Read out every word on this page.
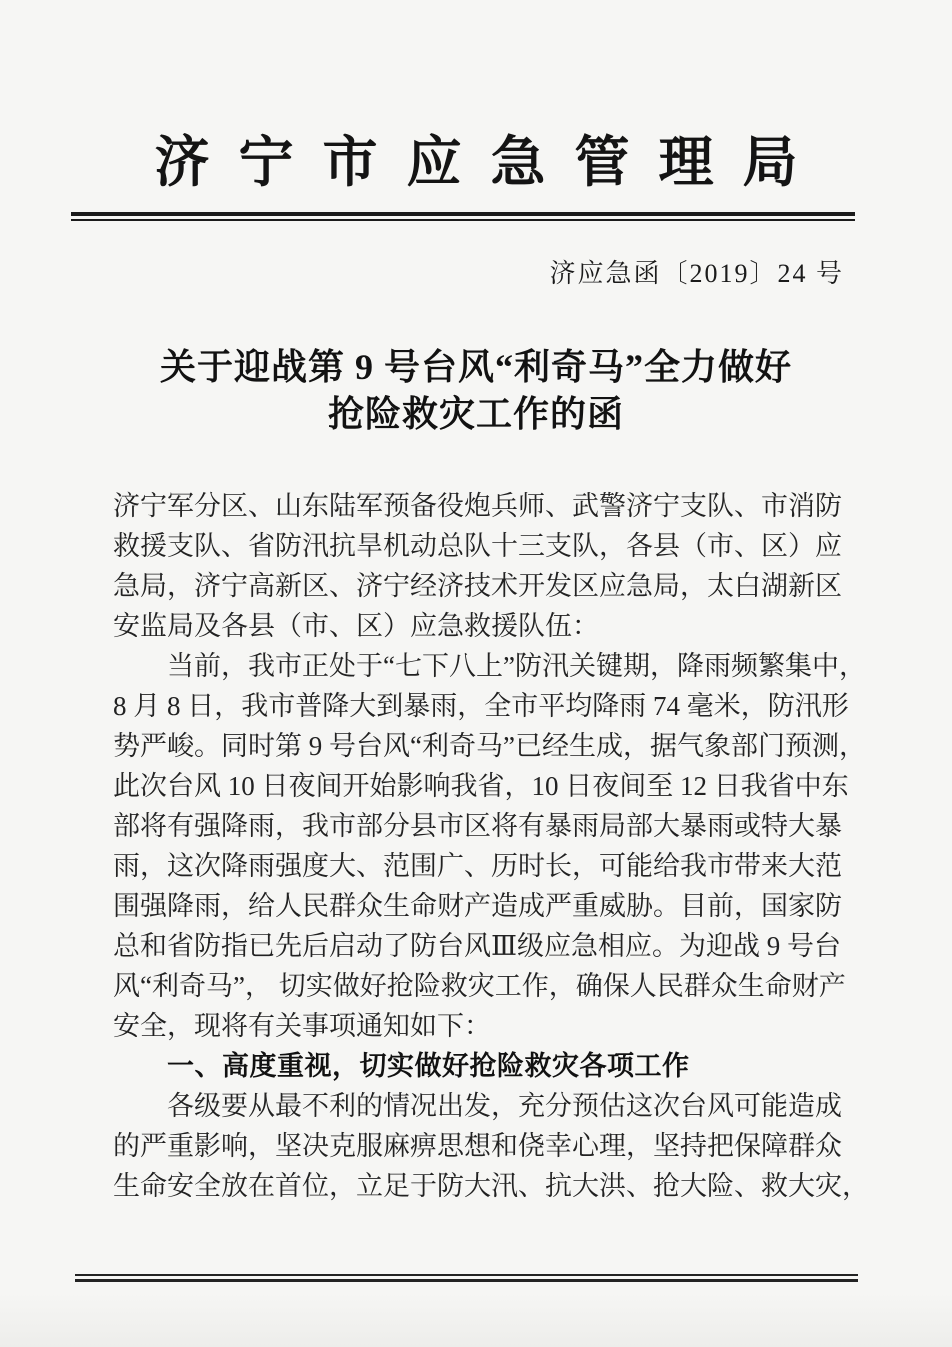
济宁市应急管理局
济应急函〔2019〕24 号
关于迎战第 9 号台风“利奇马”全力做好
抢险救灾工作的函
济宁军分区、山东陆军预备役炮兵师、武警济宁支队、市消防
救援支队、省防汛抗旱机动总队十三支队，各县（市、区）应
急局，济宁高新区、济宁经济技术开发区应急局，太白湖新区
安监局及各县（市、区）应急救援队伍：
当前，我市正处于“七下八上”防汛关键期，降雨频繁集中，
8 月 8 日，我市普降大到暴雨，全市平均降雨 74 毫米，防汛形
势严峻。同时第 9 号台风“利奇马”已经生成，据气象部门预测，
此次台风 10 日夜间开始影响我省，10 日夜间至 12 日我省中东
部将有强降雨，我市部分县市区将有暴雨局部大暴雨或特大暴
雨，这次降雨强度大、范围广、历时长，可能给我市带来大范
围强降雨，给人民群众生命财产造成严重威胁。目前，国家防
总和省防指已先后启动了防台风Ⅲ级应急相应。为迎战 9 号台
风“利奇马”， 切实做好抢险救灾工作，确保人民群众生命财产
安全，现将有关事项通知如下：
一、高度重视，切实做好抢险救灾各项工作
各级要从最不利的情况出发，充分预估这次台风可能造成
的严重影响，坚决克服麻痹思想和侥幸心理，坚持把保障群众
生命安全放在首位，立足于防大汛、抗大洪、抢大险、救大灾，
